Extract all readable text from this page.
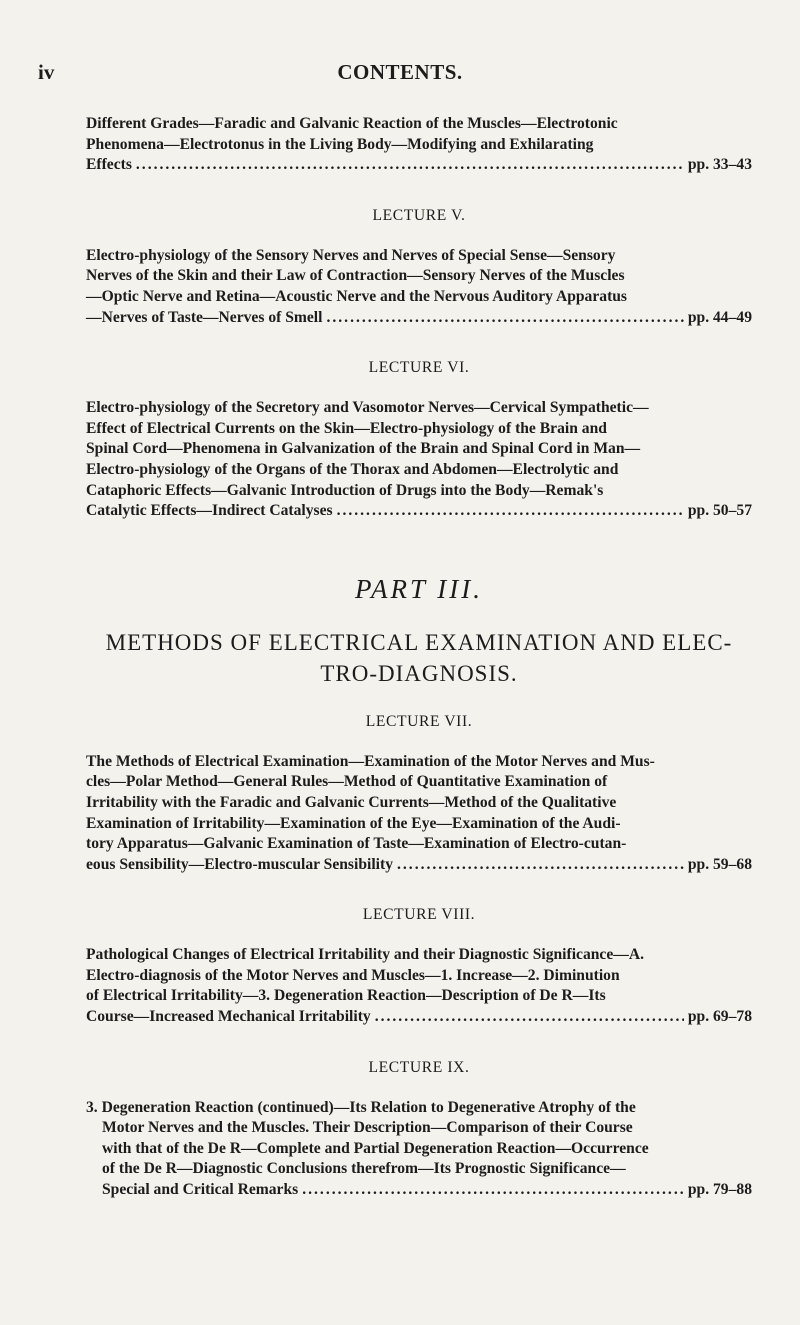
iv	CONTENTS.

Different Grades—Faradic and Galvanic Reaction of the Muscles—Electrotonic

Phenomena—Electrotonus in the Living Body—Modifying and Exhilarating

Effects .....	pp. 33–43

LECTURE V.

Electro-physiology of the Sensory Nerves and Nerves of Special Sense—Sensory

Nerves of the Skin and their Law of Contraction—Sensory Nerves of the Muscles

—Optic Nerve and Retina—Acoustic Nerve and the Nervous Auditory Apparatus

—Nerves of Taste—Nerves of Smell .....	pp. 44–49

LECTURE VI.

Electro-physiology of the Secretory and Vasomotor Nerves—Cervical Sympathetic—

Effect of Electrical Currents on the Skin—Electro-physiology of the Brain and

Spinal Cord—Phenomena in Galvanization of the Brain and Spinal Cord in Man—

Electro-physiology of the Organs of the Thorax and Abdomen—Electrolytic and

Cataphoric Effects—Galvanic Introduction of Drugs into the Body—Remak's

Catalytic Effects—Indirect Catalyses .....	pp. 50–57

PART III.

METHODS OF ELECTRICAL EXAMINATION AND ELEC-

TRO-DIAGNOSIS.

LECTURE VII.

The Methods of Electrical Examination—Examination of the Motor Nerves and Mus-

cles—Polar Method—General Rules—Method of Quantitative Examination of

Irritability with the Faradic and Galvanic Currents—Method of the Qualitative

Examination of Irritability—Examination of the Eye—Examination of the Audi-

tory Apparatus—Galvanic Examination of Taste—Examination of Electro-cutan-

eous Sensibility—Electro-muscular Sensibility .....	pp. 59–68

LECTURE VIII.

Pathological Changes of Electrical Irritability and their Diagnostic Significance—A.

Electro-diagnosis of the Motor Nerves and Muscles—1. Increase—2. Diminution

of Electrical Irritability—3. Degeneration Reaction—Description of De R—Its

Course—Increased Mechanical Irritability .....	pp. 69–78

LECTURE IX.

3. Degeneration Reaction (continued)—Its Relation to Degenerative Atrophy of the

Motor Nerves and the Muscles. Their Description—Comparison of their Course

with that of the De R—Complete and Partial Degeneration Reaction—Occurrence

of the De R—Diagnostic Conclusions therefrom—Its Prognostic Significance—

Special and Critical Remarks .....	pp. 79–88
